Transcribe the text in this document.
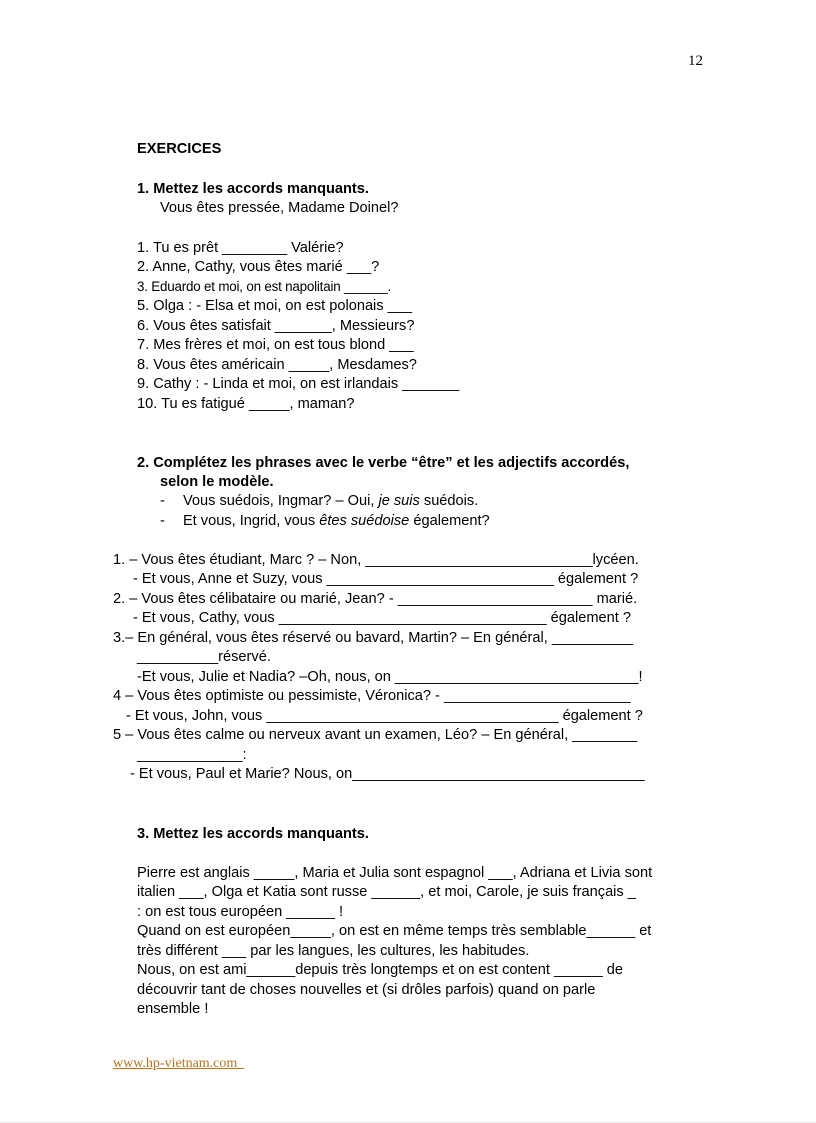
12
EXERCICES
1. Mettez les accords manquants.
Vous êtes pressée, Madame Doinel?
1. Tu es prêt ________ Valérie?
2. Anne, Cathy, vous êtes marié ___?
3. Eduardo et moi, on est napolitain ______.
5. Olga : - Elsa et moi, on est polonais ___
6. Vous êtes satisfait _______, Messieurs?
7. Mes frères et moi, on est tous blond ___
8. Vous êtes américain _____, Mesdames?
9. Cathy : - Linda et moi, on est irlandais _______
10. Tu es fatigué _____, maman?
2. Complétez les phrases avec le verbe “être” et les adjectifs accordés,
selon le modèle.
- Vous suédois, Ingmar? – Oui, je suis suédois.
- Et vous, Ingrid, vous êtes suédoise également?
1. – Vous êtes étudiant, Marc ? – Non, ____________________________lycéen.
- Et vous, Anne et Suzy, vous ____________________________ également ?
2. – Vous êtes célibataire ou marié, Jean? - ________________________ marié.
- Et vous, Cathy, vous _________________________________ également ?
3.– En général, vous êtes réservé ou bavard, Martin? – En général, __________
__________réservé.
-Et vous, Julie et Nadia? –Oh, nous, on ______________________________!
4 – Vous êtes optimiste ou pessimiste, Véronica? - _______________________
- Et vous, John, vous ____________________________________ également ?
5 – Vous êtes calme ou nerveux avant un examen, Léo? – En général, ________
_____________:
- Et vous, Paul et Marie? Nous, on____________________________________
3. Mettez les accords manquants.
Pierre est anglais _____, Maria et Julia sont espagnol ___, Adriana et Livia sont
italien ___, Olga et Katia sont russe ______, et moi, Carole, je suis français _
: on est tous européen ______ !
Quand on est européen_____, on est en même temps très semblable______ et
très différent ___ par les langues, les cultures, les habitudes.
Nous, on est ami______depuis très longtemps et on est content ______ de
découvrir tant de choses nouvelles et (si drôles parfois) quand on parle
ensemble !
www.hp-vietnam.com
